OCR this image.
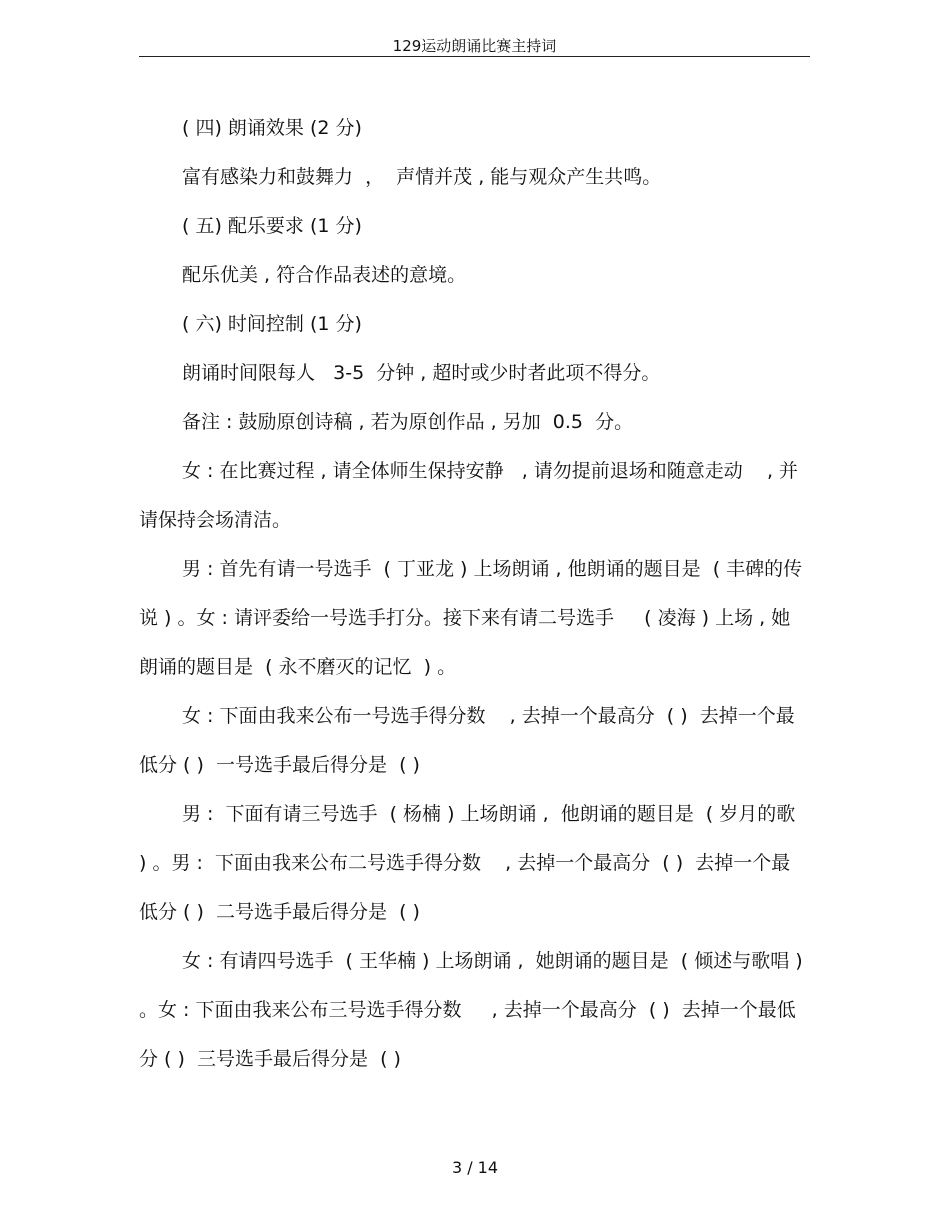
129运动朗诵比赛主持词

( 四) 朗诵效果 (2 分)

富有感染力和鼓舞力  ，  声情并茂 , 能与观众产生共鸣。

( 五) 配乐要求 (1 分)

配乐优美 , 符合作品表述的意境。

( 六) 时间控制 (1 分)

朗诵时间限每人   3-5  分钟 , 超时或少时者此项不得分。

备注 : 鼓励原创诗稿 , 若为原创作品 , 另加  0.5  分。

女 : 在比赛过程 , 请全体师生保持安静   , 请勿提前退场和随意走动    , 并请保持会场清洁。

男 : 首先有请一号选手  ( 丁亚龙 ) 上场朗诵 , 他朗诵的题目是  ( 丰碑的传说 ) 。女 : 请评委给一号选手打分。接下来有请二号选手     ( 凌海 ) 上场 , 她朗诵的题目是  ( 永不磨灭的记忆  ) 。

女 : 下面由我来公布一号选手得分数    , 去掉一个最高分  ( )  去掉一个最低分 ( )  一号选手最后得分是  ( )

男 :  下面有请三号选手  ( 杨楠 ) 上场朗诵 ,  他朗诵的题目是  ( 岁月的歌 ) 。男 :  下面由我来公布二号选手得分数    , 去掉一个最高分  ( )  去掉一个最低分 ( )  二号选手最后得分是  ( )

女 : 有请四号选手  ( 王华楠 ) 上场朗诵 ,  她朗诵的题目是  ( 倾述与歌唱 ) 。女 : 下面由我来公布三号选手得分数     , 去掉一个最高分  ( )  去掉一个最低分 ( )  三号选手最后得分是  ( )

3 / 14
